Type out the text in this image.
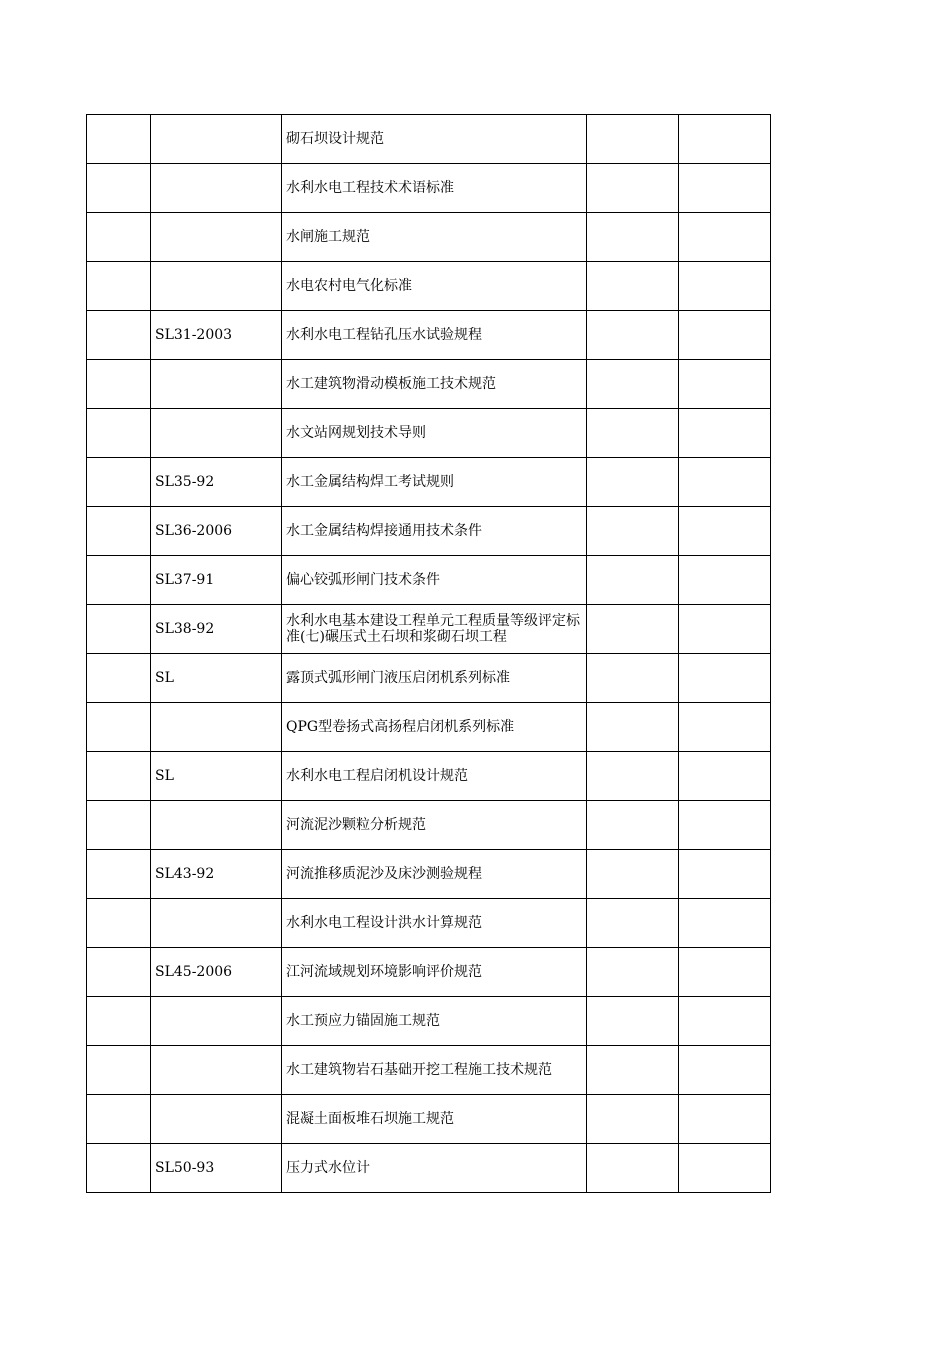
		砌石坝设计规范		

		水利水电工程技术术语标准		

		水闸施工规范		

		水电农村电气化标准		

	SL31-2003	水利水电工程钻孔压水试验规程		

		水工建筑物滑动模板施工技术规范		

		水文站网规划技术导则		

	SL35-92	水工金属结构焊工考试规则		

	SL36-2006	水工金属结构焊接通用技术条件		

	SL37-91	偏心铰弧形闸门技术条件		

	SL38-92	水利水电基本建设工程单元工程质量等级评定标准(七)碾压式土石坝和浆砌石坝工程		

	SL	露顶式弧形闸门液压启闭机系列标准		

		QPG型卷扬式高扬程启闭机系列标准		

	SL	水利水电工程启闭机设计规范		

		河流泥沙颗粒分析规范		

	SL43-92	河流推移质泥沙及床沙测验规程		

		水利水电工程设计洪水计算规范		

	SL45-2006	江河流域规划环境影响评价规范		

		水工预应力锚固施工规范		

		水工建筑物岩石基础开挖工程施工技术规范		

		混凝土面板堆石坝施工规范		

	SL50-93	压力式水位计		
